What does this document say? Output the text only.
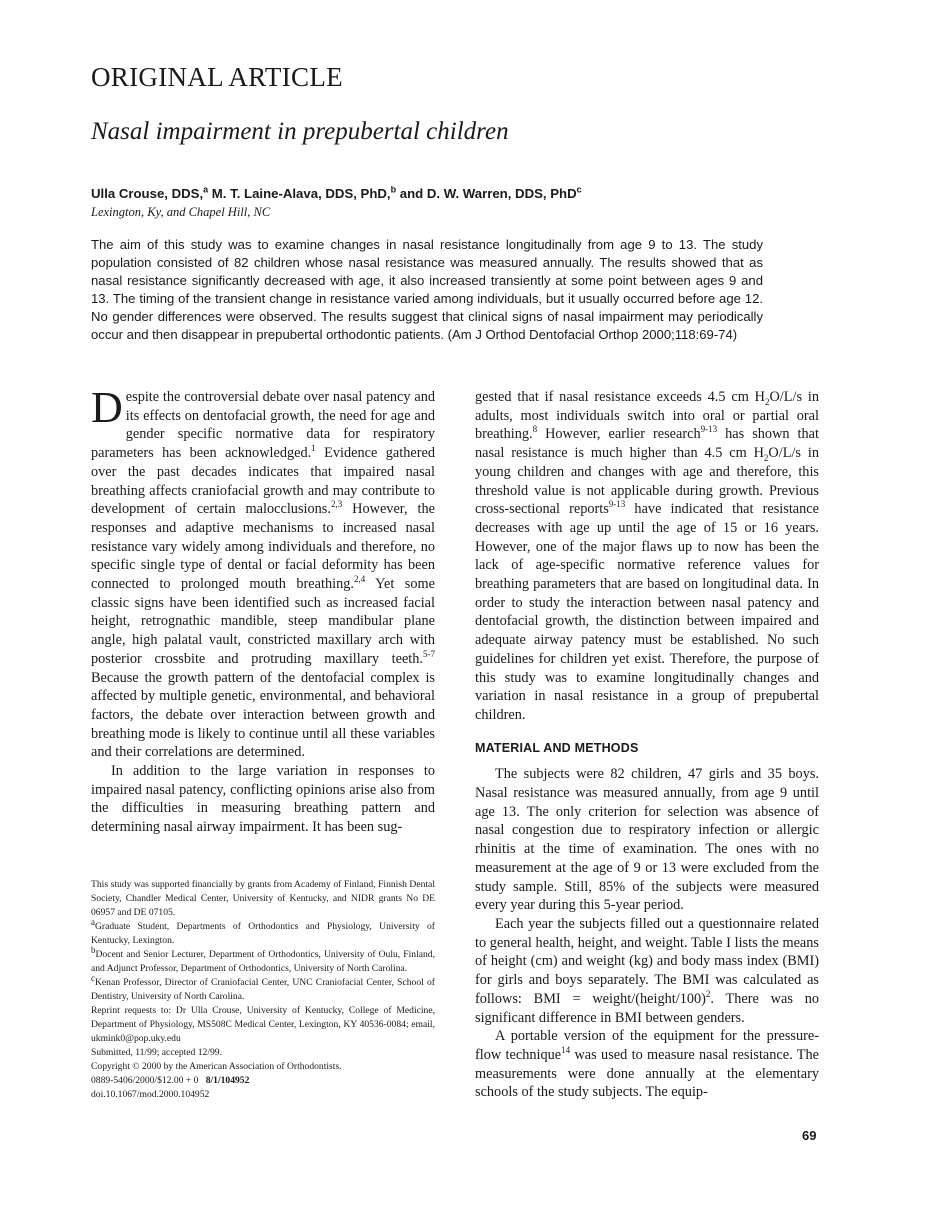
ORIGINAL ARTICLE
Nasal impairment in prepubertal children
Ulla Crouse, DDS,$^a$ M. T. Laine-Alava, DDS, PhD,$^b$ and D. W. Warren, DDS, PhD$^c$
Lexington, Ky, and Chapel Hill, NC
The aim of this study was to examine changes in nasal resistance longitudinally from age 9 to 13. The study population consisted of 82 children whose nasal resistance was measured annually. The results showed that as nasal resistance significantly decreased with age, it also increased transiently at some point between ages 9 and 13. The timing of the transient change in resistance varied among individuals, but it usually occurred before age 12. No gender differences were observed. The results suggest that clinical signs of nasal impairment may periodically occur and then disappear in prepubertal orthodontic patients. (Am J Orthod Dentofacial Orthop 2000;118:69-74)

Despite the controversial debate over nasal patency and its effects on dentofacial growth, the need for age and gender specific normative data for respiratory parameters has been acknowledged.$^1$ Evidence gathered over the past decades indicates that impaired nasal breathing affects craniofacial growth and may contribute to development of certain malocclusions.$^{2,3}$ However, the responses and adaptive mechanisms to increased nasal resistance vary widely among individuals and therefore, no specific single type of dental or facial deformity has been connected to prolonged mouth breathing.$^{2,4}$ Yet some classic signs have been identified such as increased facial height, retrognathic mandible, steep mandibular plane angle, high palatal vault, constricted maxillary arch with posterior crossbite and protruding maxillary teeth.$^{5-7}$ Because the growth pattern of the dentofacial complex is affected by multiple genetic, environmental, and behavioral factors, the debate over interaction between growth and breathing mode is likely to continue until all these variables and their correlations are determined.

In addition to the large variation in responses to impaired nasal patency, conflicting opinions arise also from the difficulties in measuring breathing pattern and determining nasal airway impairment. It has been sug-

This study was supported financially by grants from Academy of Finland, Finnish Dental Society, Chandler Medical Center, University of Kentucky, and NIDR grants No DE 06957 and DE 07105.

$^a$Graduate Student, Departments of Orthodontics and Physiology, University of Kentucky, Lexington.

$^b$Docent and Senior Lecturer, Department of Orthodontics, University of Oulu, Finland, and Adjunct Professor, Department of Orthodontics, University of North Carolina.

$^c$Kenan Professor, Director of Craniofacial Center, UNC Craniofacial Center, School of Dentistry, University of North Carolina.

Reprint requests to: Dr Ulla Crouse, University of Kentucky, College of Medicine, Department of Physiology, MS508C Medical Center, Lexington, KY 40536-0084; email, ukmink0@pop.uky.edu

Submitted, 11/99; accepted 12/99.

Copyright © 2000 by the American Association of Orthodontists.

0889-5406/2000/$12.00 + 0 8/1/104952

doi.10.1067/mod.2000.104952

gested that if nasal resistance exceeds 4.5 cm $H_2O/L/s$ in adults, most individuals switch into oral or partial oral breathing.$^8$ However, earlier research$^{9-13}$ has shown that nasal resistance is much higher than 4.5 cm $H_2O/L/s$ in young children and changes with age and therefore, this threshold value is not applicable during growth. Previous cross-sectional reports$^{9-13}$ have indicated that resistance decreases with age up until the age of 15 or 16 years. However, one of the major flaws up to now has been the lack of age-specific normative reference values for breathing parameters that are based on longitudinal data. In order to study the interaction between nasal patency and dentofacial growth, the distinction between impaired and adequate airway patency must be established. No such guidelines for children yet exist. Therefore, the purpose of this study was to examine longitudinally changes and variation in nasal resistance in a group of prepubertal children.

MATERIAL AND METHODS

The subjects were 82 children, 47 girls and 35 boys. Nasal resistance was measured annually, from age 9 until age 13. The only criterion for selection was absence of nasal congestion due to respiratory infection or allergic rhinitis at the time of examination. The ones with no measurement at the age of 9 or 13 were excluded from the study sample. Still, 85% of the subjects were measured every year during this 5-year period.

Each year the subjects filled out a questionnaire related to general health, height, and weight. Table I lists the means of height (cm) and weight (kg) and body mass index (BMI) for girls and boys separately. The BMI was calculated as follows: BMI = weight/(height/100)$^2$. There was no significant difference in BMI between genders.

A portable version of the equipment for the pressure-flow technique$^{14}$ was used to measure nasal resistance. The measurements were done annually at the elementary schools of the study subjects. The equip-

69
